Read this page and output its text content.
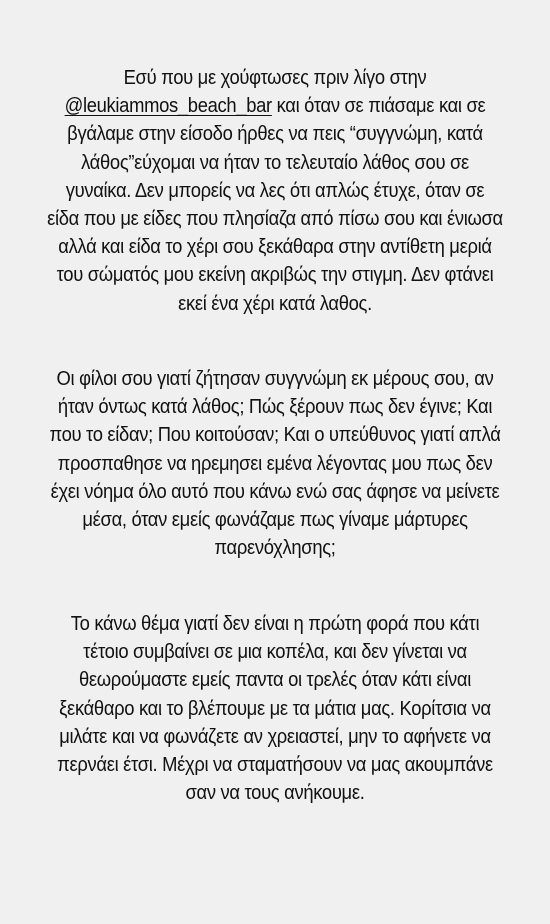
Εσύ που με χούφτωσες πριν λίγο στην
@leukiammos_beach_bar και όταν σε πιάσαμε και σε
βγάλαμε στην είσοδο ήρθες να πεις “συγγνώμη, κατά
λάθος”εύχομαι να ήταν το τελευταίο λάθος σου σε
γυναίκα. Δεν μπορείς να λες ότι απλώς έτυχε, όταν σε
είδα που με είδες που πλησίαζα από πίσω σου και ένιωσα
αλλά και είδα το χέρι σου ξεκάθαρα στην αντίθετη μεριά
του σώματός μου εκείνη ακριβώς την στιγμη. Δεν φτάνει
εκεί ένα χέρι κατά λαθος.
Οι φίλοι σου γιατί ζήτησαν συγγνώμη εκ μέρους σου, αν
ήταν όντως κατά λάθος; Πώς ξέρουν πως δεν έγινε; Και
που το είδαν; Που κοιτούσαν; Και ο υπεύθυνος γιατί απλά
προσπαθησε να ηρεμησει εμένα λέγοντας μου πως δεν
έχει νόημα όλο αυτό που κάνω ενώ σας άφησε να μείνετε
μέσα, όταν εμείς φωνάζαμε πως γίναμε μάρτυρες
παρενόχλησης;
Το κάνω θέμα γιατί δεν είναι η πρώτη φορά που κάτι
τέτοιο συμβαίνει σε μια κοπέλα, και δεν γίνεται να
θεωρούμαστε εμείς παντα οι τρελές όταν κάτι είναι
ξεκάθαρο και το βλέπουμε με τα μάτια μας. Κορίτσια να
μιλάτε και να φωνάζετε αν χρειαστεί, μην το αφήνετε να
περνάει έτσι. Μέχρι να σταματήσουν να μας ακουμπάνε
σαν να τους ανήκουμε.
